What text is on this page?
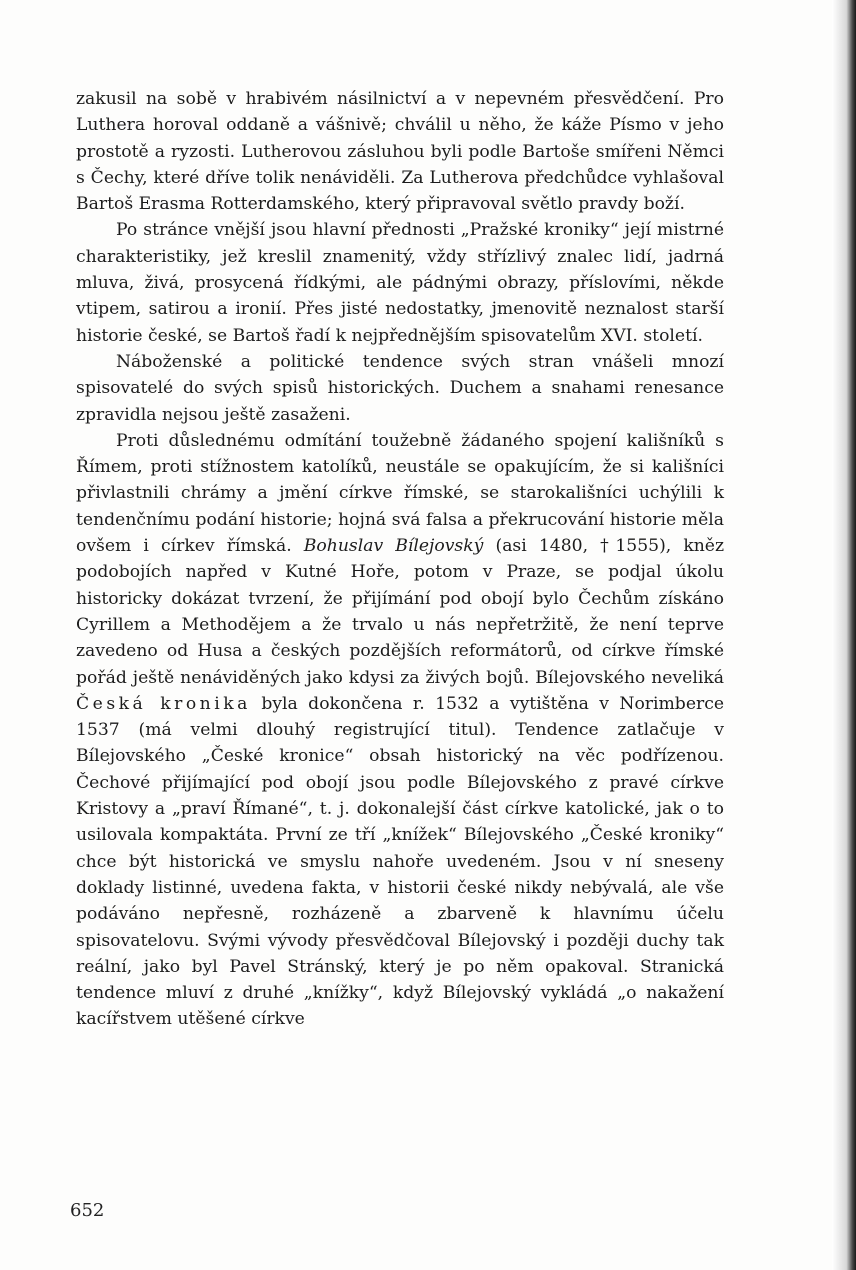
zakusil na sobě v hrabivém násilnictví a v nepevném přesvědčení. Pro Luthera horoval oddaně a vášnivě; chválil u něho, že káže Písmo v jeho prostotě a ryzosti. Lutherovou zásluhou byli podle Bartoše smířeni Němci s Čechy, které dříve tolik nenáviděli. Za Lutherova předchůdce vyhlašoval Bartoš Erasma Rotterdamského, který připravoval světlo pravdy boží.

Po stránce vnější jsou hlavní přednosti „Pražské kroniky“ její mistrné charakteristiky, jež kreslil znamenitý, vždy střízlivý znalec lidí, jadrná mluva, živá, prosycená řídkými, ale pádnými obrazy, příslovími, někde vtipem, satirou a ironií. Přes jisté nedostatky, jmenovitě neznalost starší historie české, se Bartoš řadí k nejpřednějším spisovatelům XVI. století.

Náboženské a politické tendence svých stran vnášeli mnozí spisovatelé do svých spisů historických. Duchem a snahami renesance zpravidla nejsou ještě zasaženi.

Proti důslednému odmítání toužebně žádaného spojení kališníků s Římem, proti stížnostem katolíků, neustále se opakujícím, že si kališníci přivlastnili chrámy a jmění církve římské, se starokališníci uchýlili k tendenčnímu podání historie; hojná svá falsa a překrucování historie měla ovšem i církev římská. Bohuslav Bílejovský (asi 1480, †1555), kněz podobojích napřed v Kutné Hoře, potom v Praze, se podjal úkolu historicky dokázat tvrzení, že přijímání pod obojí bylo Čechům získáno Cyrillem a Methodějem a že trvalo u nás nepřetržitě, že není teprve zavedeno od Husa a českých pozdějších reformátorů, od církve římské pořád ještě nenáviděných jako kdysi za živých bojů. Bílejovského neveliká Česká kronika byla dokončena r. 1532 a vytištěna v Norimberce 1537 (má velmi dlouhý registrující titul). Tendence zatlačuje v Bílejovského „České kronice“ obsah historický na věc podřízenou. Čechové přijímající pod obojí jsou podle Bílejovského z pravé církve Kristovy a „praví Římané“, t. j. dokonalejší část církve katolické, jak o to usilovala kompaktáta. První ze tří „knížek“ Bílejovského „České kroniky“ chce být historická ve smyslu nahoře uvedeném. Jsou v ní sneseny doklady listinné, uvedena fakta, v historii české nikdy nebývalá, ale vše podáváno nepřesně, rozházeně a zbarveně k hlavnímu účelu spisovatelovu. Svými vývody přesvědčoval Bílejovský i později duchy tak reální, jako byl Pavel Stránský, který je po něm opakoval. Stranická tendence mluví z druhé „knížky“, když Bílejovský vykládá „o nakažení kacířstvem utěšené církve

652
